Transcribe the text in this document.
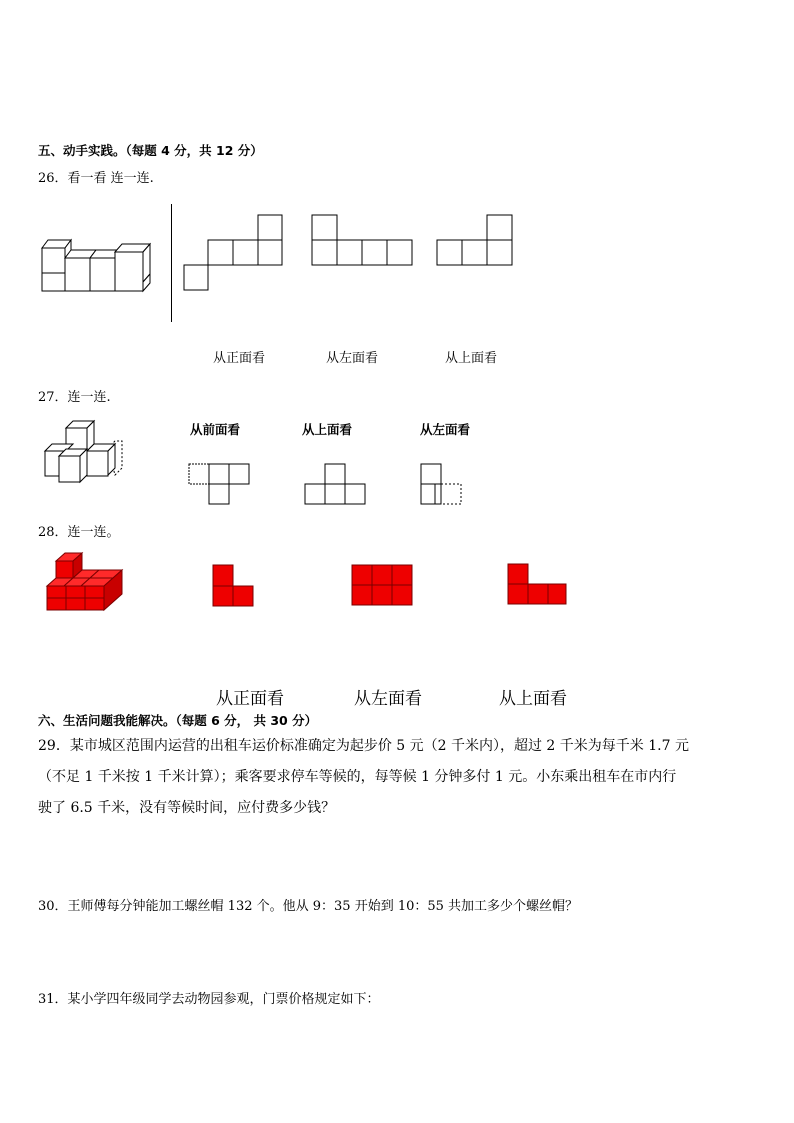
五、动手实践。（每题 4 分，共 12 分）
26．看一看 连一连.
从正面看	从左面看	从上面看
27．连一连.
从前面看	从上面看	从左面看
28．连一连。
从正面看	从左面看	从上面看
六、生活问题我能解决。（每题 6 分， 共 30 分）
29．某市城区范围内运营的出租车运价标准确定为起步价 5 元（2 千米内），超过 2 千米为每千米 1.7 元
（不足 1 千米按 1 千米计算）；乘客要求停车等候的，每等候 1 分钟多付 1 元。小东乘出租车在市内行
驶了 6.5 千米，没有等候时间，应付费多少钱？
30．王师傅每分钟能加工螺丝帽 132 个。他从 9：35 开始到 10：55 共加工多少个螺丝帽？
31．某小学四年级同学去动物园参观，门票价格规定如下：
